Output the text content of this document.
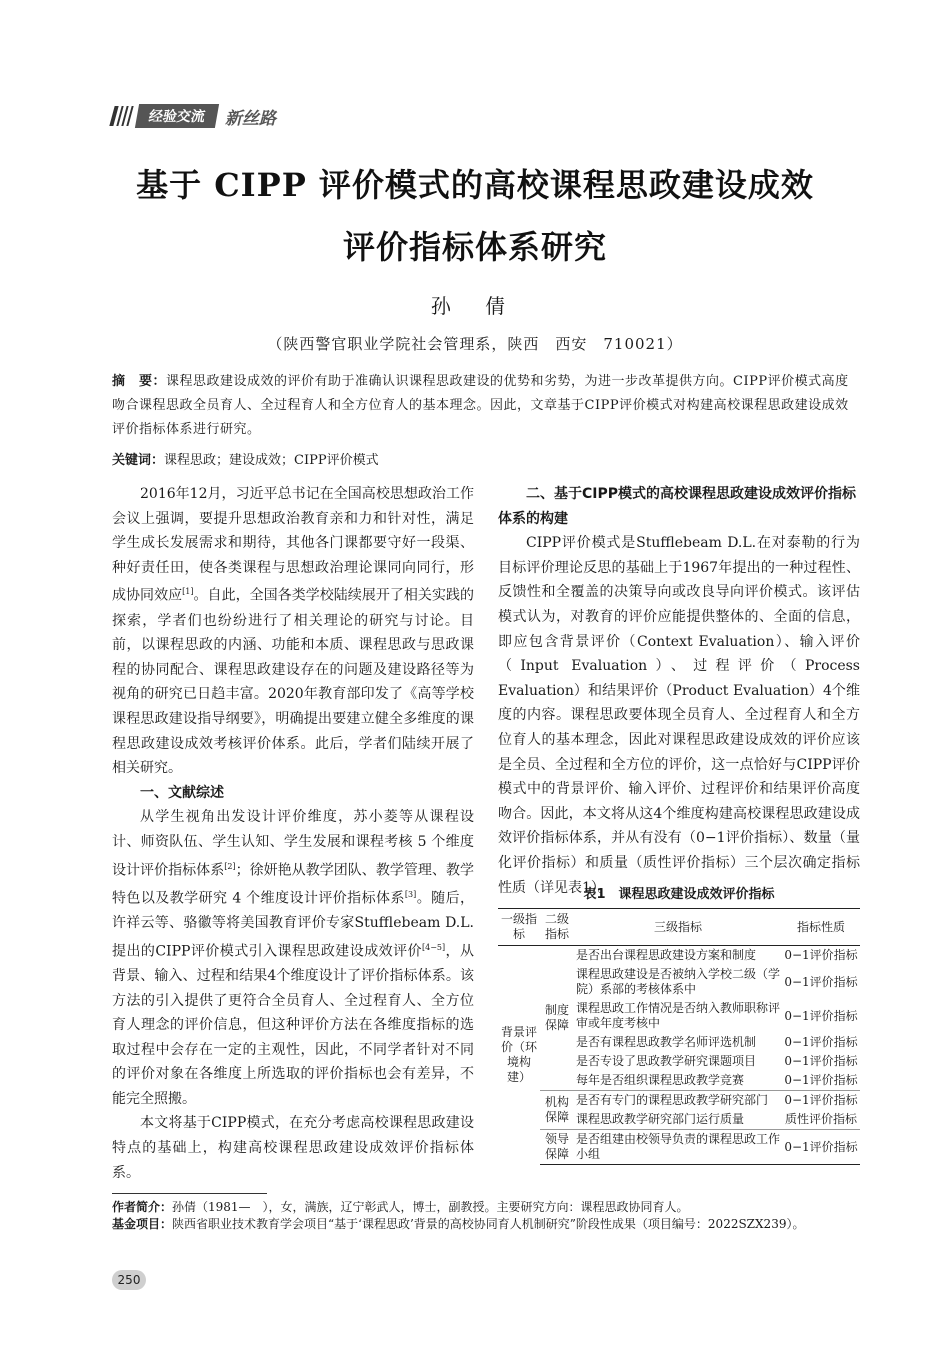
经验交流	新丝路
基于 CIPP 评价模式的高校课程思政建设成效
评价指标体系研究
孙 倩
（陕西警官职业学院社会管理系，陕西　西安　710021）
摘　要：课程思政建设成效的评价有助于准确认识课程思政建设的优势和劣势，为进一步改革提供方向。CIPP评价模式高度吻合课程思政全员育人、全过程育人和全方位育人的基本理念。因此，文章基于CIPP评价模式对构建高校课程思政建设成效评价指标体系进行研究。
关键词：课程思政；建设成效；CIPP评价模式

2016年12月，习近平总书记在全国高校思想政治工作会议上强调，要提升思想政治教育亲和力和针对性，满足学生成长发展需求和期待，其他各门课都要守好一段渠、种好责任田，使各类课程与思想政治理论课同向同行，形成协同效应[1]。自此，全国各类学校陆续展开了相关实践的探索，学者们也纷纷进行了相关理论的研究与讨论。目前，以课程思政的内涵、功能和本质、课程思政与思政课程的协同配合、课程思政建设存在的问题及建设路径等为视角的研究已日趋丰富。2020年教育部印发了《高等学校课程思政建设指导纲要》，明确提出要建立健全多维度的课程思政建设成效考核评价体系。此后，学者们陆续开展了相关研究。

一、文献综述

从学生视角出发设计评价维度，苏小菱等从课程设计、师资队伍、学生认知、学生发展和课程考核 5 个维度设计评价指标体系[2]；徐妍艳从教学团队、教学管理、教学特色以及教学研究 4 个维度设计评价指标体系[3]。随后，许祥云等、骆徽等将美国教育评价专家Stufflebeam D.L.提出的CIPP评价模式引入课程思政建设成效评价[4−5]，从背景、输入、过程和结果4个维度设计了评价指标体系。该方法的引入提供了更符合全员育人、全过程育人、全方位育人理念的评价信息，但这种评价方法在各维度指标的选取过程中会存在一定的主观性，因此，不同学者针对不同的评价对象在各维度上所选取的评价指标也会有差异，不能完全照搬。

本文将基于CIPP模式，在充分考虑高校课程思政建设特点的基础上，构建高校课程思政建设成效评价指标体系。

二、基于CIPP模式的高校课程思政建设成效评价指标
体系的构建

CIPP评价模式是Stufflebeam D.L.在对泰勒的行为目标评价理论反思的基础上于1967年提出的一种过程性、反馈性和全覆盖的决策导向或改良导向评价模式。该评估模式认为，对教育的评价应能提供整体的、全面的信息，即应包含背景评价（Context Evaluation）、输入评价（Input Evaluation）、过程评价（Process Evaluation）和结果评价（Product Evaluation）4个维度的内容。课程思政要体现全员育人、全过程育人和全方位育人的基本理念，因此对课程思政建设成效的评价应该是全员、全过程和全方位的评价，这一点恰好与CIPP评价模式中的背景评价、输入评价、过程评价和结果评价高度吻合。因此，本文将从这4个维度构建高校课程思政建设成效评价指标体系，并从有没有（0−1评价指标）、数量（量化评价指标）和质量（质性评价指标）三个层次确定指标性质（详见表1）。

表1　课程思政建设成效评价指标
一级指标	二级指标	三级指标	指标性质
背景评价（环境构建）	制度保障	是否出台课程思政建设方案和制度	0−1评价指标
		课程思政建设是否被纳入学校二级（学院）系部的考核体系中	0−1评价指标
		课程思政工作情况是否纳入教师职称评审或年度考核中	0−1评价指标
		是否有课程思政教学名师评选机制	0−1评价指标
		是否专设了思政教学研究课题项目	0−1评价指标
		每年是否组织课程思政教学竞赛	0−1评价指标
	机构保障	是否有专门的课程思政教学研究部门	0−1评价指标
		课程思政教学研究部门运行质量	质性评价指标
	领导保障	是否组建由校领导负责的课程思政工作小组	0−1评价指标
作者简介：孙倩（1981—　），女，满族，辽宁彰武人，博士，副教授。主要研究方向：课程思政协同育人。
基金项目：陕西省职业技术教育学会项目“基于‘课程思政’背景的高校协同育人机制研究”阶段性成果（项目编号：2022SZX239）。
250
